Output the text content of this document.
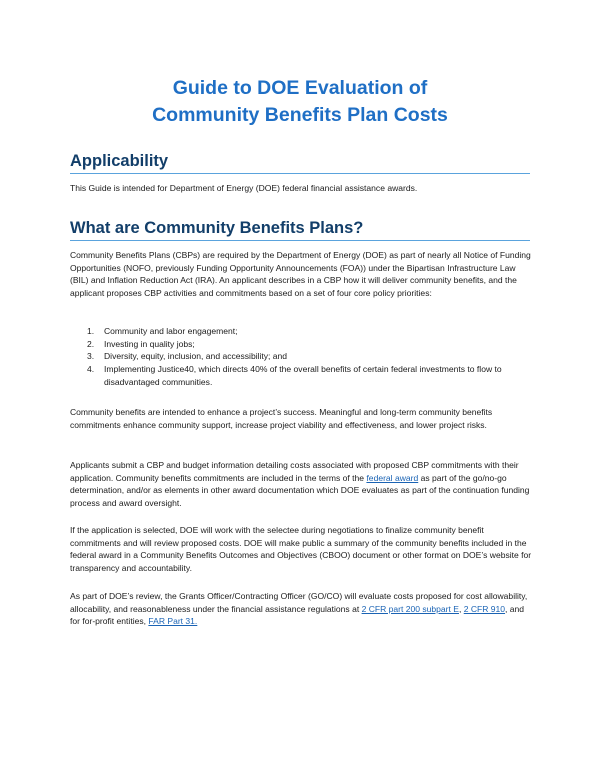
Guide to DOE Evaluation of
Community Benefits Plan Costs
Applicability

This Guide is intended for Department of Energy (DOE) federal financial assistance awards.

What are Community Benefits Plans?

Community Benefits Plans (CBPs) are required by the Department of Energy (DOE) as part of nearly all Notice of Funding Opportunities (NOFO, previously Funding Opportunity Announcements (FOA)) under the Bipartisan Infrastructure Law (BIL) and Inflation Reduction Act (IRA). An applicant describes in a CBP how it will deliver community benefits, and the applicant proposes CBP activities and commitments based on a set of four core policy priorities:

1. Community and labor engagement;
2. Investing in quality jobs;
3. Diversity, equity, inclusion, and accessibility; and
4. Implementing Justice40, which directs 40% of the overall benefits of certain federal investments to flow to disadvantaged communities.

Community benefits are intended to enhance a project’s success. Meaningful and long-term community benefits commitments enhance community support, increase project viability and effectiveness, and lower project risks.

Applicants submit a CBP and budget information detailing costs associated with proposed CBP commitments with their application. Community benefits commitments are included in the terms of the federal award as part of the go/no-go determination, and/or as elements in other award documentation which DOE evaluates as part of the continuation funding process and award oversight.

If the application is selected, DOE will work with the selectee during negotiations to finalize community benefit commitments and will review proposed costs. DOE will make public a summary of the community benefits included in the federal award in a Community Benefits Outcomes and Objectives (CBOO) document or other format on DOE’s website for transparency and accountability.

As part of DOE’s review, the Grants Officer/Contracting Officer (GO/CO) will evaluate costs proposed for cost allowability, allocability, and reasonableness under the financial assistance regulations at 2 CFR part 200 subpart E, 2 CFR 910, and for for-profit entities, FAR Part 31.
